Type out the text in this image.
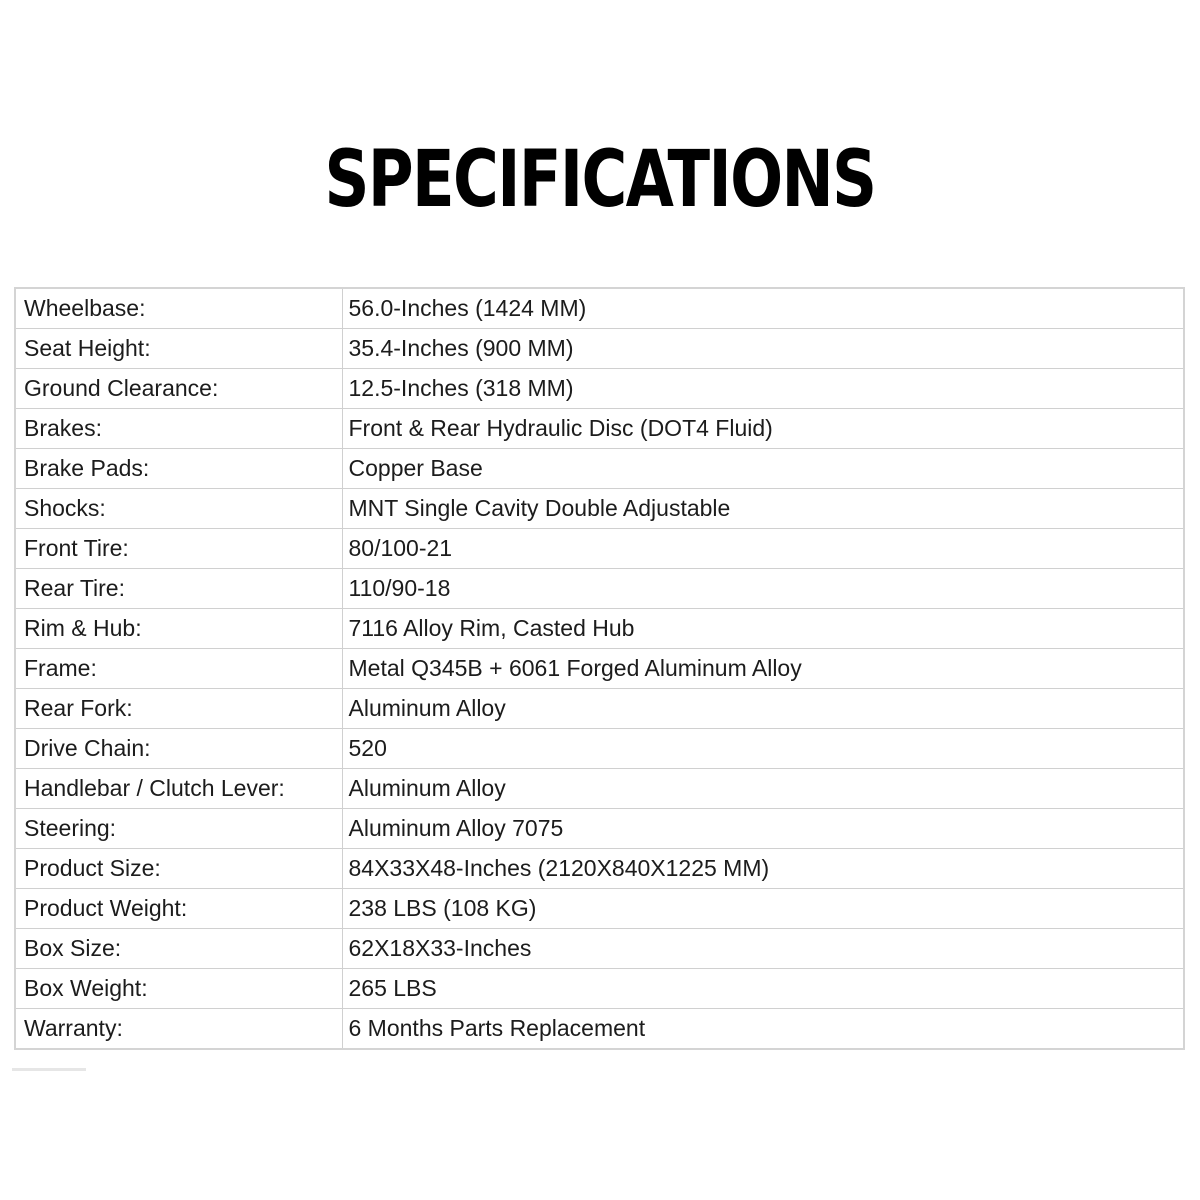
SPECIFICATIONS
Wheelbase:	56.0-Inches (1424 MM)
Seat Height:	35.4-Inches (900 MM)
Ground Clearance:	12.5-Inches (318 MM)
Brakes:	Front & Rear Hydraulic Disc (DOT4 Fluid)
Brake Pads:	Copper Base
Shocks:	MNT Single Cavity Double Adjustable
Front Tire:	80/100-21
Rear Tire:	110/90-18
Rim & Hub:	7116 Alloy Rim, Casted Hub
Frame:	Metal Q345B + 6061 Forged Aluminum Alloy
Rear Fork:	Aluminum Alloy
Drive Chain:	520
Handlebar / Clutch Lever:	Aluminum Alloy
Steering:	Aluminum Alloy 7075
Product Size:	84X33X48-Inches (2120X840X1225 MM)
Product Weight:	238 LBS (108 KG)
Box Size:	62X18X33-Inches
Box Weight:	265 LBS
Warranty:	6 Months Parts Replacement
